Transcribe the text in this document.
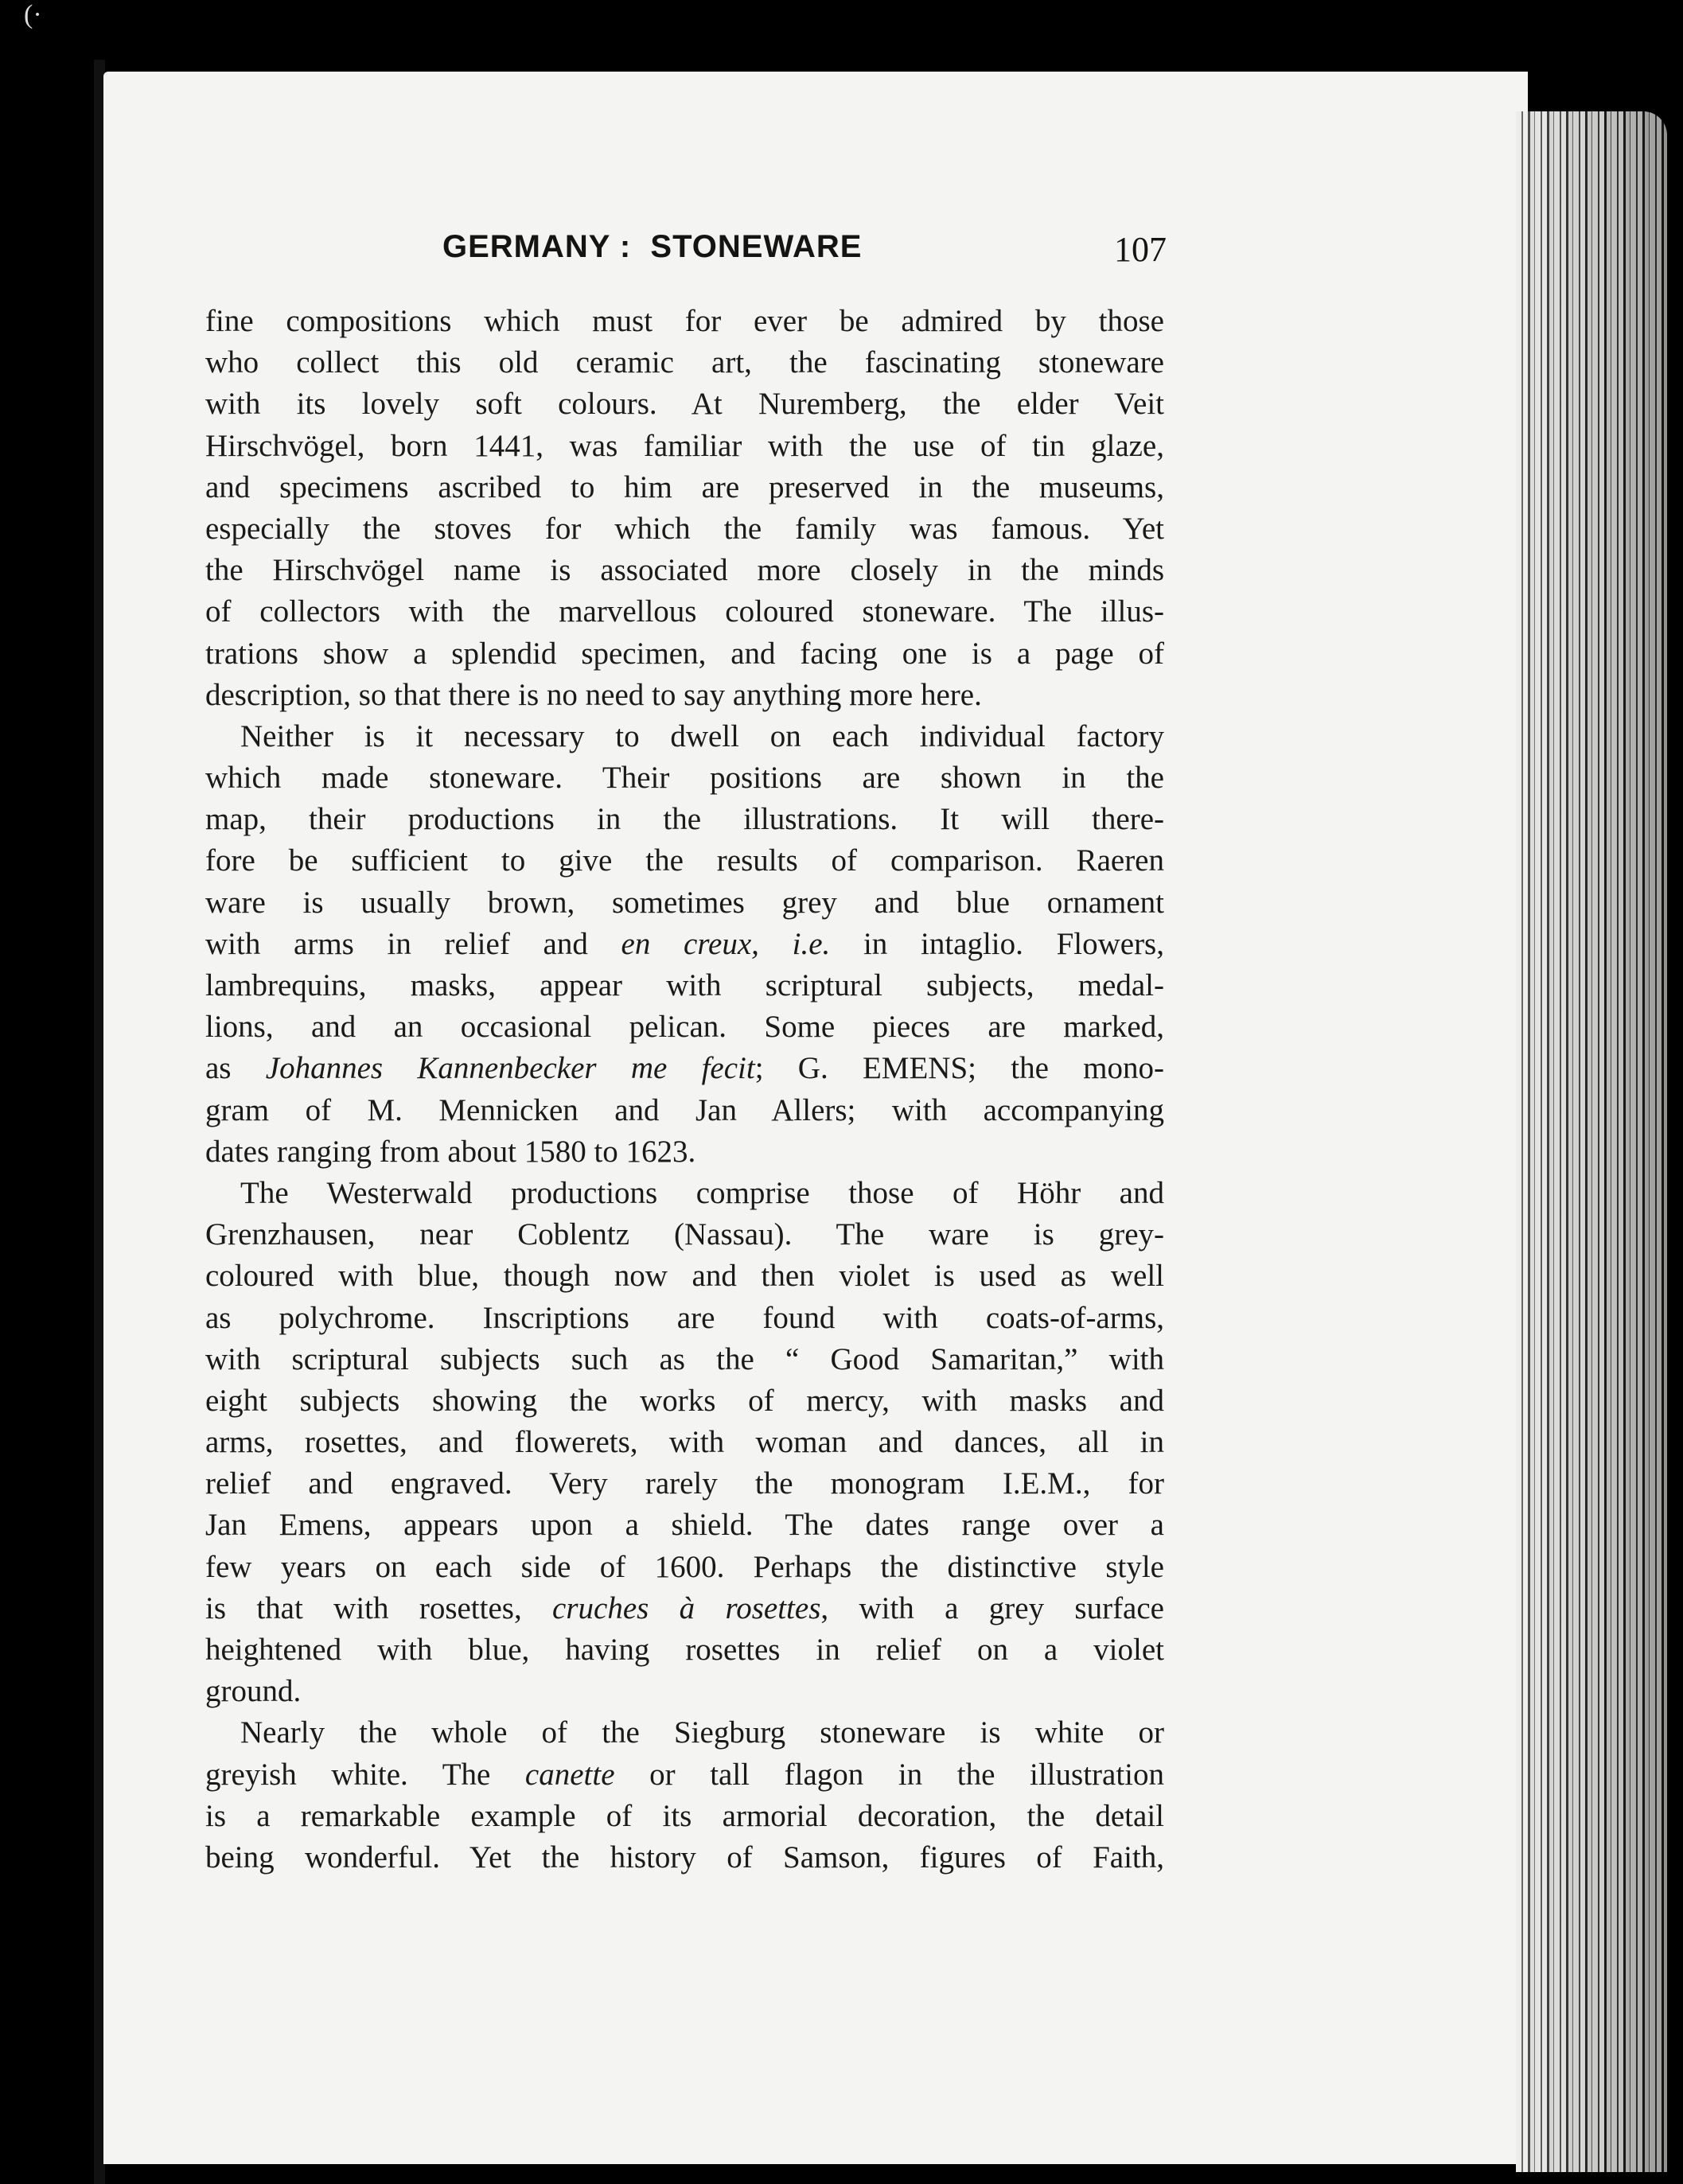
(·
GERMANY :  STONEWARE	107
fine compositions which must for ever be admired by those
who collect this old ceramic art, the fascinating stoneware
with its lovely soft colours. At Nuremberg, the elder Veit
Hirschvögel, born 1441, was familiar with the use of tin glaze,
and specimens ascribed to him are preserved in the museums,
especially the stoves for which the family was famous. Yet
the Hirschvögel name is associated more closely in the minds
of collectors with the marvellous coloured stoneware. The illus-
trations show a splendid specimen, and facing one is a page of
description, so that there is no need to say anything more here.
Neither is it necessary to dwell on each individual factory
which made stoneware. Their positions are shown in the
map, their productions in the illustrations. It will there-
fore be sufficient to give the results of comparison. Raeren
ware is usually brown, sometimes grey and blue ornament
with arms in relief and en creux, i.e. in intaglio. Flowers,
lambrequins, masks, appear with scriptural subjects, medal-
lions, and an occasional pelican. Some pieces are marked,
as Johannes Kannenbecker me fecit; G. EMENS; the mono-
gram of M. Mennicken and Jan Allers; with accompanying
dates ranging from about 1580 to 1623.
The Westerwald productions comprise those of Höhr and
Grenzhausen, near Coblentz (Nassau). The ware is grey-
coloured with blue, though now and then violet is used as well
as polychrome. Inscriptions are found with coats-of-arms,
with scriptural subjects such as the “ Good Samaritan,” with
eight subjects showing the works of mercy, with masks and
arms, rosettes, and flowerets, with woman and dances, all in
relief and engraved. Very rarely the monogram I.E.M., for
Jan Emens, appears upon a shield. The dates range over a
few years on each side of 1600. Perhaps the distinctive style
is that with rosettes, cruches à rosettes, with a grey surface
heightened with blue, having rosettes in relief on a violet
ground.
Nearly the whole of the Siegburg stoneware is white or
greyish white. The canette or tall flagon in the illustration
is a remarkable example of its armorial decoration, the detail
being wonderful. Yet the history of Samson, figures of Faith,
